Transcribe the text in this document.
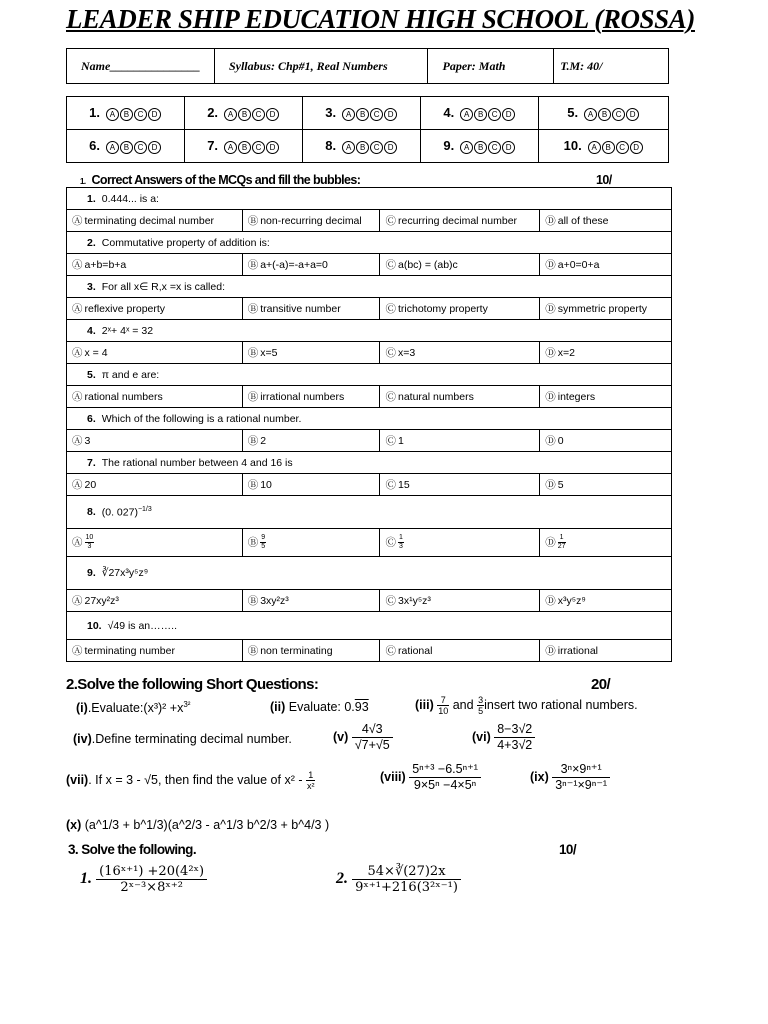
LEADER SHIP EDUCATION HIGH SCHOOL (ROSSA)
Name_______________	Syllabus: Chp#1, Real Numbers	Paper: Math	T.M: 40/
1. A B C D	2. A B C D	3. A B C D	4. A B C D	5. A B C D
6. A B C D	7. A B C D	8. A B C D	9. A B C D	10. A B C D
1. Correct Answers of the MCQs and fill the bubbles:	10/
1. 0.444... is a:			
Ⓐ terminating decimal number	Ⓑ non-recurring decimal	Ⓒ recurring decimal number	Ⓓ all of these
2. Commutative property of addition is:			
Ⓐ a+b=b+a	Ⓑ a+(-a)=-a+a=0	Ⓒ a(bc) = (ab)c	Ⓓ a+0=0+a
3. For all x∈ R,x =x is called:			
Ⓐ reflexive property	Ⓑ transitive number	Ⓒ trichotomy property	Ⓓ symmetric property
4. 2ˣ+ 4ˣ = 32			
Ⓐ x = 4	Ⓑ x=5	Ⓒ x=3	Ⓓ x=2
5. π and e are:			
Ⓐ rational numbers	Ⓑ irrational numbers	Ⓒ natural numbers	Ⓓ integers
6. Which of the following is a rational number.			
Ⓐ 3	Ⓑ 2	Ⓒ 1	Ⓓ 0
7. The rational number between 4 and 16 is			
Ⓐ 20	Ⓑ 10	Ⓒ 15	Ⓓ 5
8. (0. 027)$^{-1/3}$
Ⓐ $\frac{10}{3}$	Ⓑ $\frac{9}{5}$	Ⓒ $\frac{1}{3}$	Ⓓ $\frac{1}{27}$

9. ∛27x³y⁵z⁹			
Ⓐ 27xy²z³	Ⓑ 3xy²z³	Ⓒ 3x¹y⁵z³	Ⓓ x³y⁵z⁹
10. √49 is an……..			
Ⓐ terminating number	Ⓑ non terminating	Ⓒ rational	Ⓓ irrational
2.Solve the following Short Questions:	20/
(i).Evaluate:(x³)² $+x^{3^2}$	(ii) Evaluate: 0.93	$(iii) \frac{7}{10}$ and $\frac{3}{5}$ insert two rational numbers.
(iv).Define terminating decimal number.	$(v) \frac{4√3}{√7+√5}$	$(vi) \frac{8-3√2}{4+3√2}$
(vii). If x = 3 - √5, then find the value of $x^2 - \frac{1}{\text{x²}}$	(viii) $\frac{\text{5ⁿ⁺³ −6.5ⁿ⁺¹}}{\text{9×5ⁿ −4×5ⁿ}}$	$(ix) \frac{\text{3ⁿ×9ⁿ⁺¹}}{\text{3ⁿ⁻¹×9ⁿ⁻¹}}$
(x) (a^1/3 + b^1/3)(a^2/3 - a^1/3 b^2/3 + b^4/3 )
3. Solve the following.	10/
1. $\frac{\text{(16ˣ⁺¹) +20(4²ˣ)}}{\text{2ˣ⁻³×8ˣ⁺²}}$	2. $\frac{54\times∛(27)2x}{\text{9ˣ⁺¹+216(3²ˣ⁻¹)}}$
